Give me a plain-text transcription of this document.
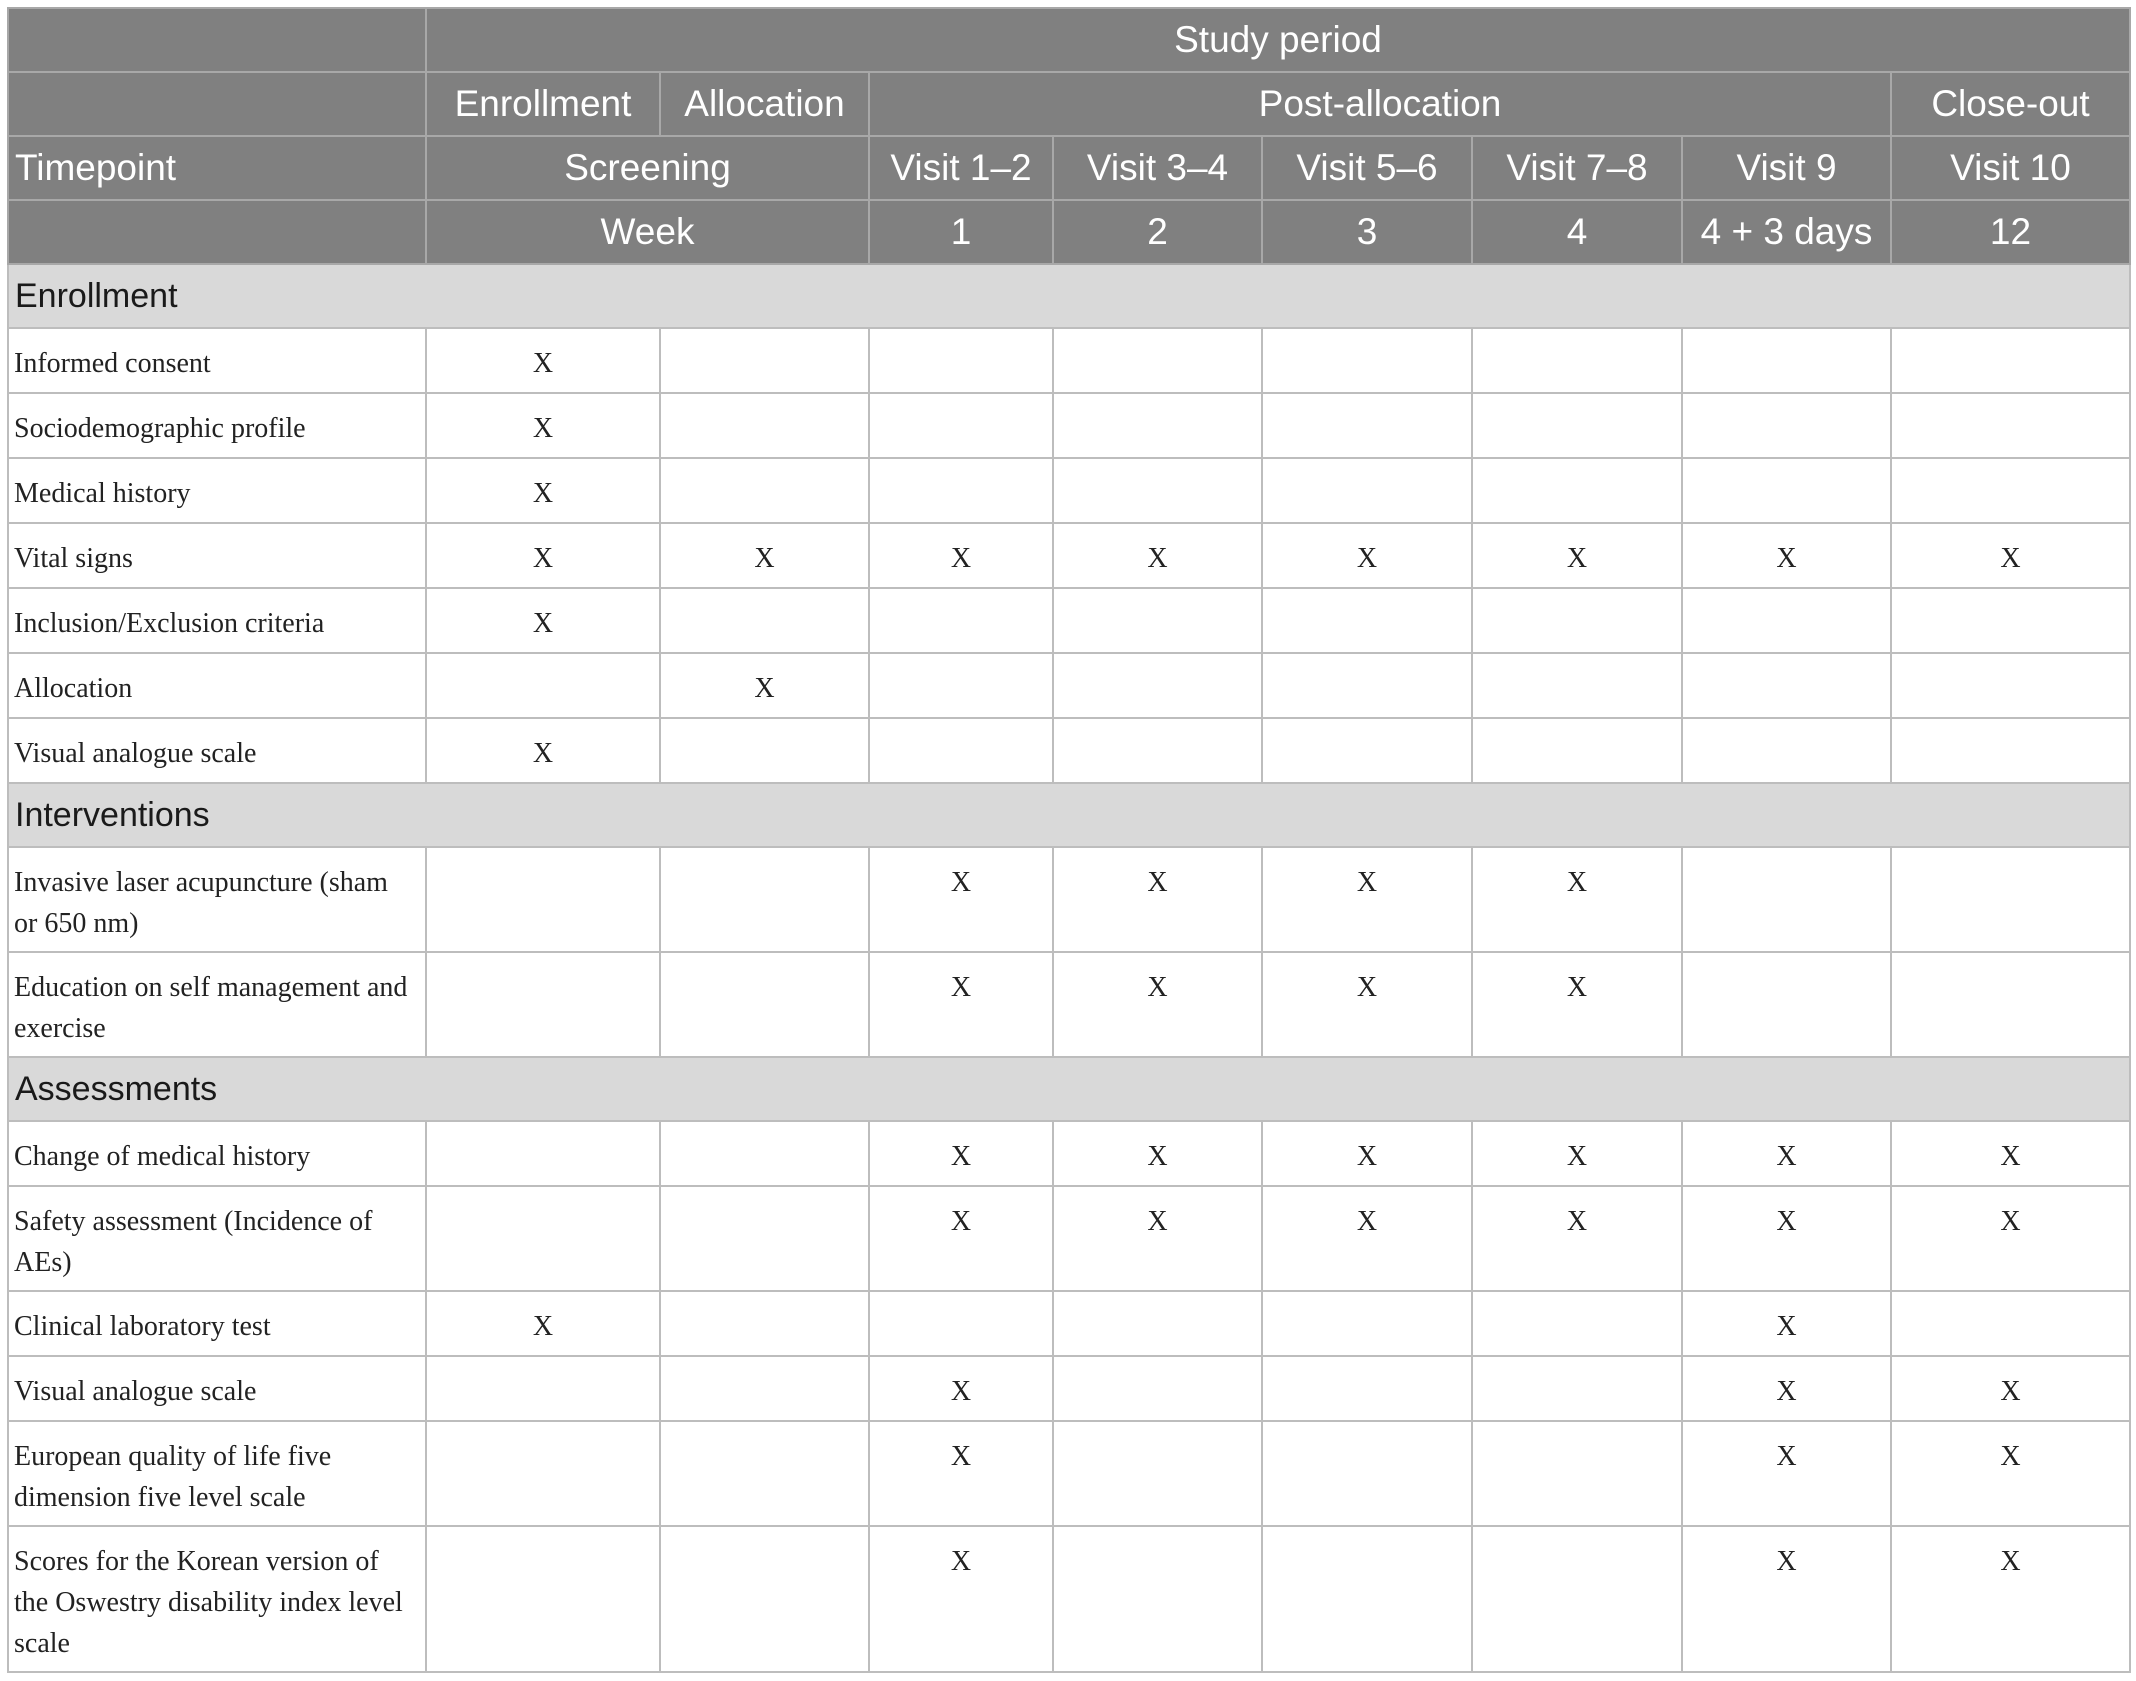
	Study period							
	Enrollment	Allocation	Post-allocation					Close-out
Timepoint	Screening		Visit 1–2	Visit 3–4	Visit 5–6	Visit 7–8	Visit 9	Visit 10
	Week		1	2	3	4	4 + 3 days	12
Enrollment								
Informed consent	X							
Sociodemographic profile	X							
Medical history	X							
Vital signs	X	X	X	X	X	X	X	X
Inclusion/Exclusion criteria	X							
Allocation		X						
Visual analogue scale	X							
Interventions								
Invasive laser acupuncture (sham or 650 nm)			X	X	X	X		
Education on self management and exercise			X	X	X	X		
Assessments								
Change of medical history			X	X	X	X	X	X
Safety assessment (Incidence of AEs)			X	X	X	X	X	X
Clinical laboratory test	X						X	
Visual analogue scale			X				X	X
European quality of life five dimension five level scale			X				X	X
Scores for the Korean version of the Oswestry disability index level scale			X				X	X
